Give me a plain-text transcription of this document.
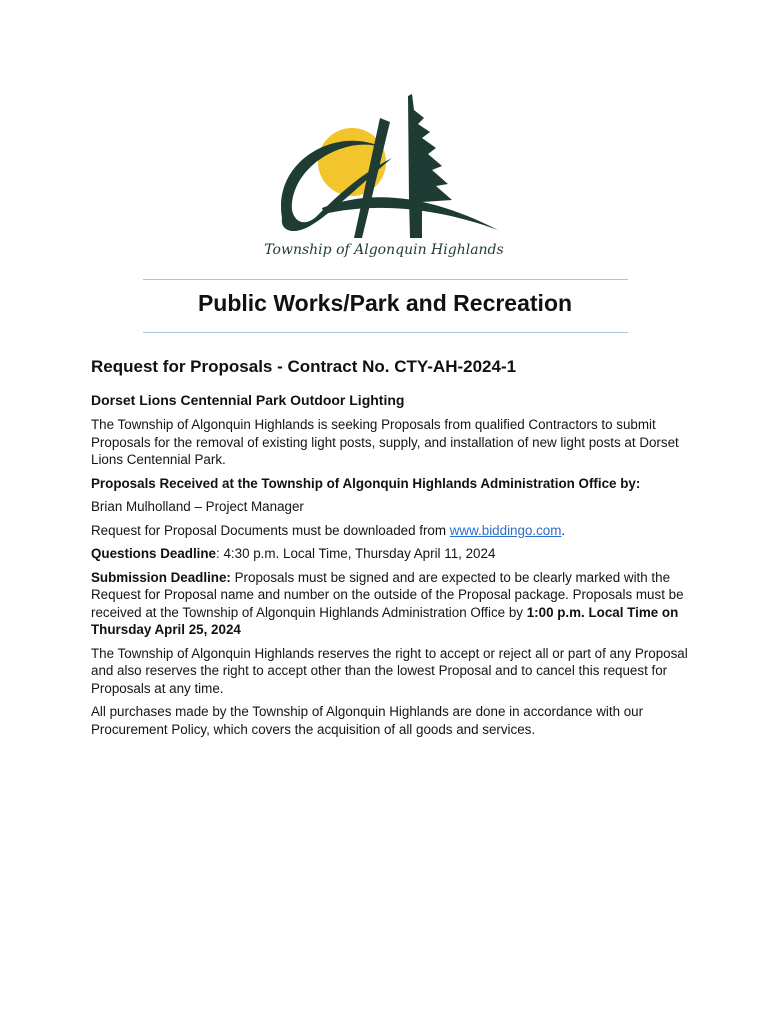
Township of Algonquin Highlands
Public Works/Park and Recreation
Request for Proposals - Contract No. CTY-AH-2024-1
Dorset Lions Centennial Park Outdoor Lighting

The Township of Algonquin Highlands is seeking Proposals from qualified Contractors to submit Proposals for the removal of existing light posts, supply, and installation of new light posts at Dorset Lions Centennial Park.

Proposals Received at the Township of Algonquin Highlands Administration Office by:

Brian Mulholland – Project Manager

Request for Proposal Documents must be downloaded from www.biddingo.com.

Questions Deadline: 4:30 p.m. Local Time, Thursday April 11, 2024

Submission Deadline: Proposals must be signed and are expected to be clearly marked with the Request for Proposal name and number on the outside of the Proposal package. Proposals must be received at the Township of Algonquin Highlands Administration Office by 1:00 p.m. Local Time on Thursday April 25, 2024

The Township of Algonquin Highlands reserves the right to accept or reject all or part of any Proposal and also reserves the right to accept other than the lowest Proposal and to cancel this request for Proposals at any time.

All purchases made by the Township of Algonquin Highlands are done in accordance with our Procurement Policy, which covers the acquisition of all goods and services.
